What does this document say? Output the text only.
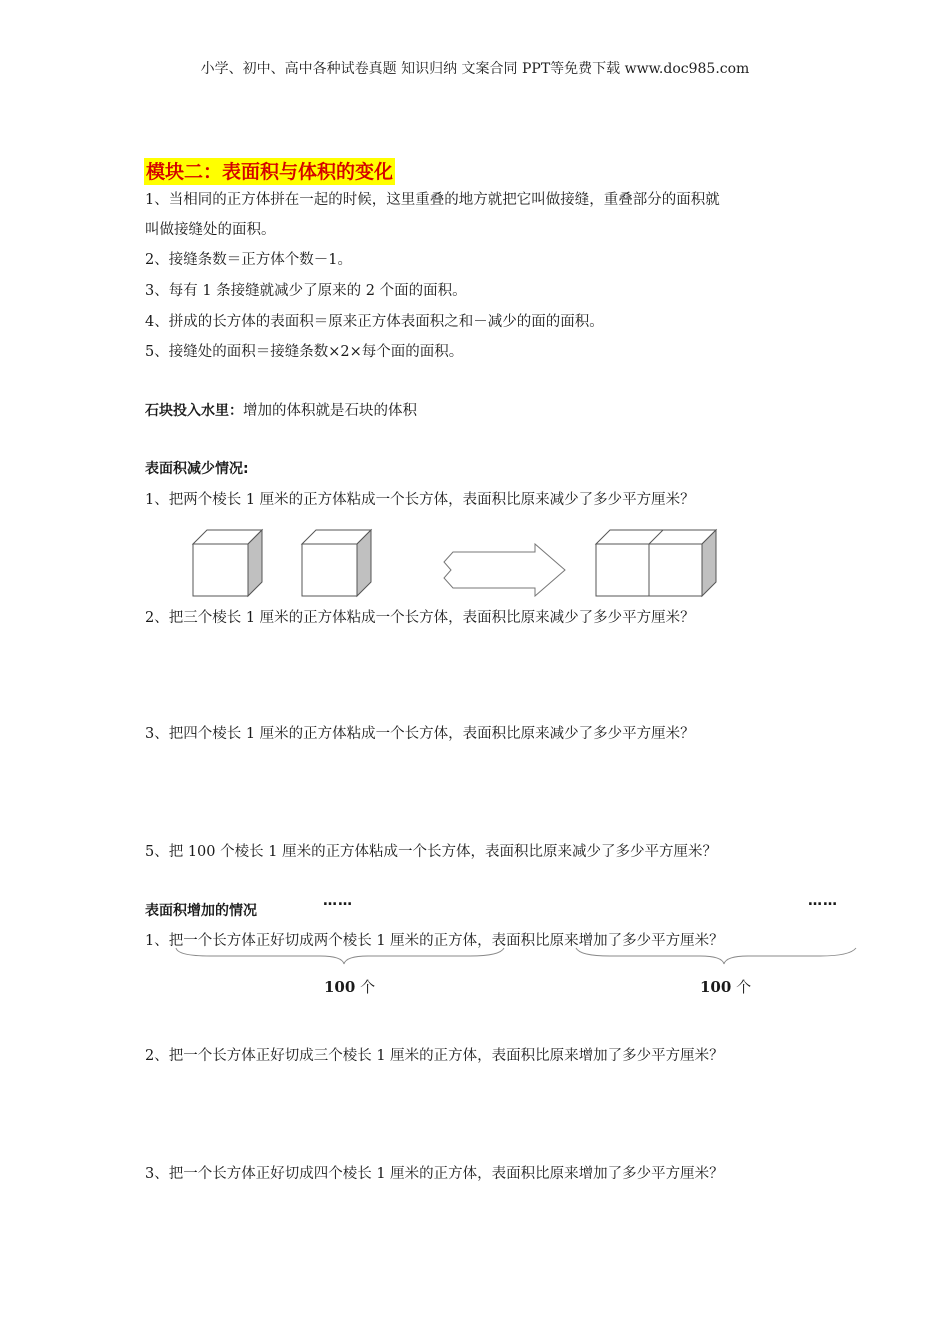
小学、初中、高中各种试卷真题 知识归纳 文案合同 PPT等免费下载 www.doc985.com
模块二：表面积与体积的变化
1、当相同的正方体拼在一起的时候，这里重叠的地方就把它叫做接缝，重叠部分的面积就
叫做接缝处的面积。
2、接缝条数＝正方体个数－1。
3、每有 1 条接缝就减少了原来的 2 个面的面积。
4、拼成的长方体的表面积＝原来正方体表面积之和－减少的面的面积。
5、接缝处的面积＝接缝条数×2×每个面的面积。
石块投入水里：增加的体积就是石块的体积
表面积减少情况:
1、把两个棱长 1 厘米的正方体粘成一个长方体，表面积比原来减少了多少平方厘米？
2、把三个棱长 1 厘米的正方体粘成一个长方体，表面积比原来减少了多少平方厘米？
3、把四个棱长 1 厘米的正方体粘成一个长方体，表面积比原来减少了多少平方厘米？
5、把 100 个棱长 1 厘米的正方体粘成一个长方体，表面积比原来减少了多少平方厘米？
表面积增加的情况
……	……
1、把一个长方体正好切成两个棱长 1 厘米的正方体，表面积比原来增加了多少平方厘米？
100 个	100 个
2、把一个长方体正好切成三个棱长 1 厘米的正方体，表面积比原来增加了多少平方厘米？
3、把一个长方体正好切成四个棱长 1 厘米的正方体，表面积比原来增加了多少平方厘米？
